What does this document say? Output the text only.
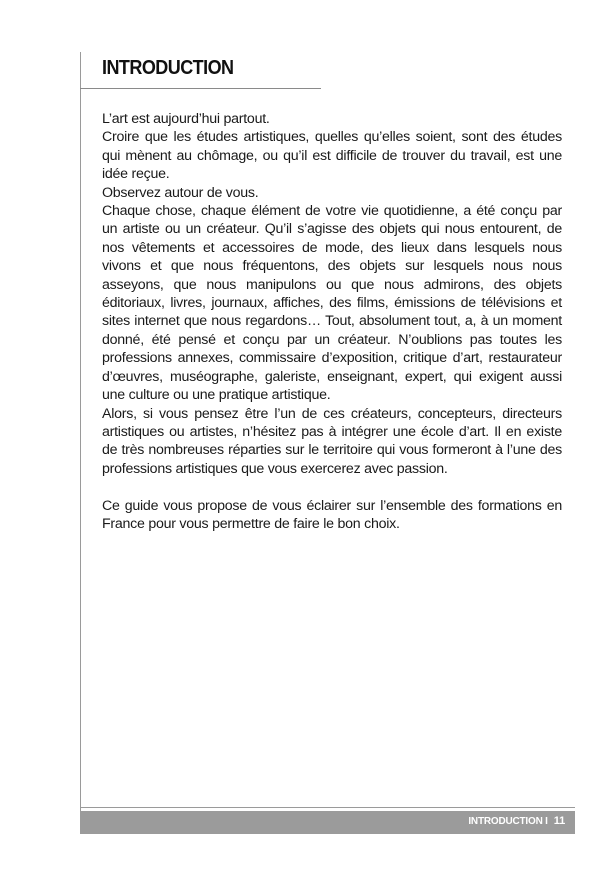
INTRODUCTION

L’art est aujourd’hui partout.

Croire que les études artistiques, quelles qu’elles soient, sont des études qui mènent au chômage, ou qu’il est difficile de trouver du travail, est une idée reçue.

Observez autour de vous.

Chaque chose, chaque élément de votre vie quotidienne, a été conçu par un artiste ou un créateur. Qu’il s’agisse des objets qui nous entourent, de nos vêtements et accessoires de mode, des lieux dans lesquels nous vivons et que nous fréquentons, des objets sur lesquels nous nous asseyons, que nous manipulons ou que nous admirons, des objets éditoriaux, livres, journaux, affiches, des films, émissions de télévisions et sites internet que nous regardons… Tout, absolument tout, a, à un moment donné, été pensé et conçu par un créateur. N’oublions pas toutes les professions annexes, commissaire d’exposition, critique d’art, restaurateur d’œuvres, muséographe, galeriste, enseignant, expert, qui exigent aussi une culture ou une pratique artistique.

Alors, si vous pensez être l’un de ces créateurs, concepteurs, directeurs artistiques ou artistes, n’hésitez pas à intégrer une école d’art. Il en existe de très nombreuses réparties sur le territoire qui vous formeront à l’une des professions artistiques que vous exercerez avec passion.

Ce guide vous propose de vous éclairer sur l’ensemble des formations en France pour vous permettre de faire le bon choix.

INTRODUCTION I 11
